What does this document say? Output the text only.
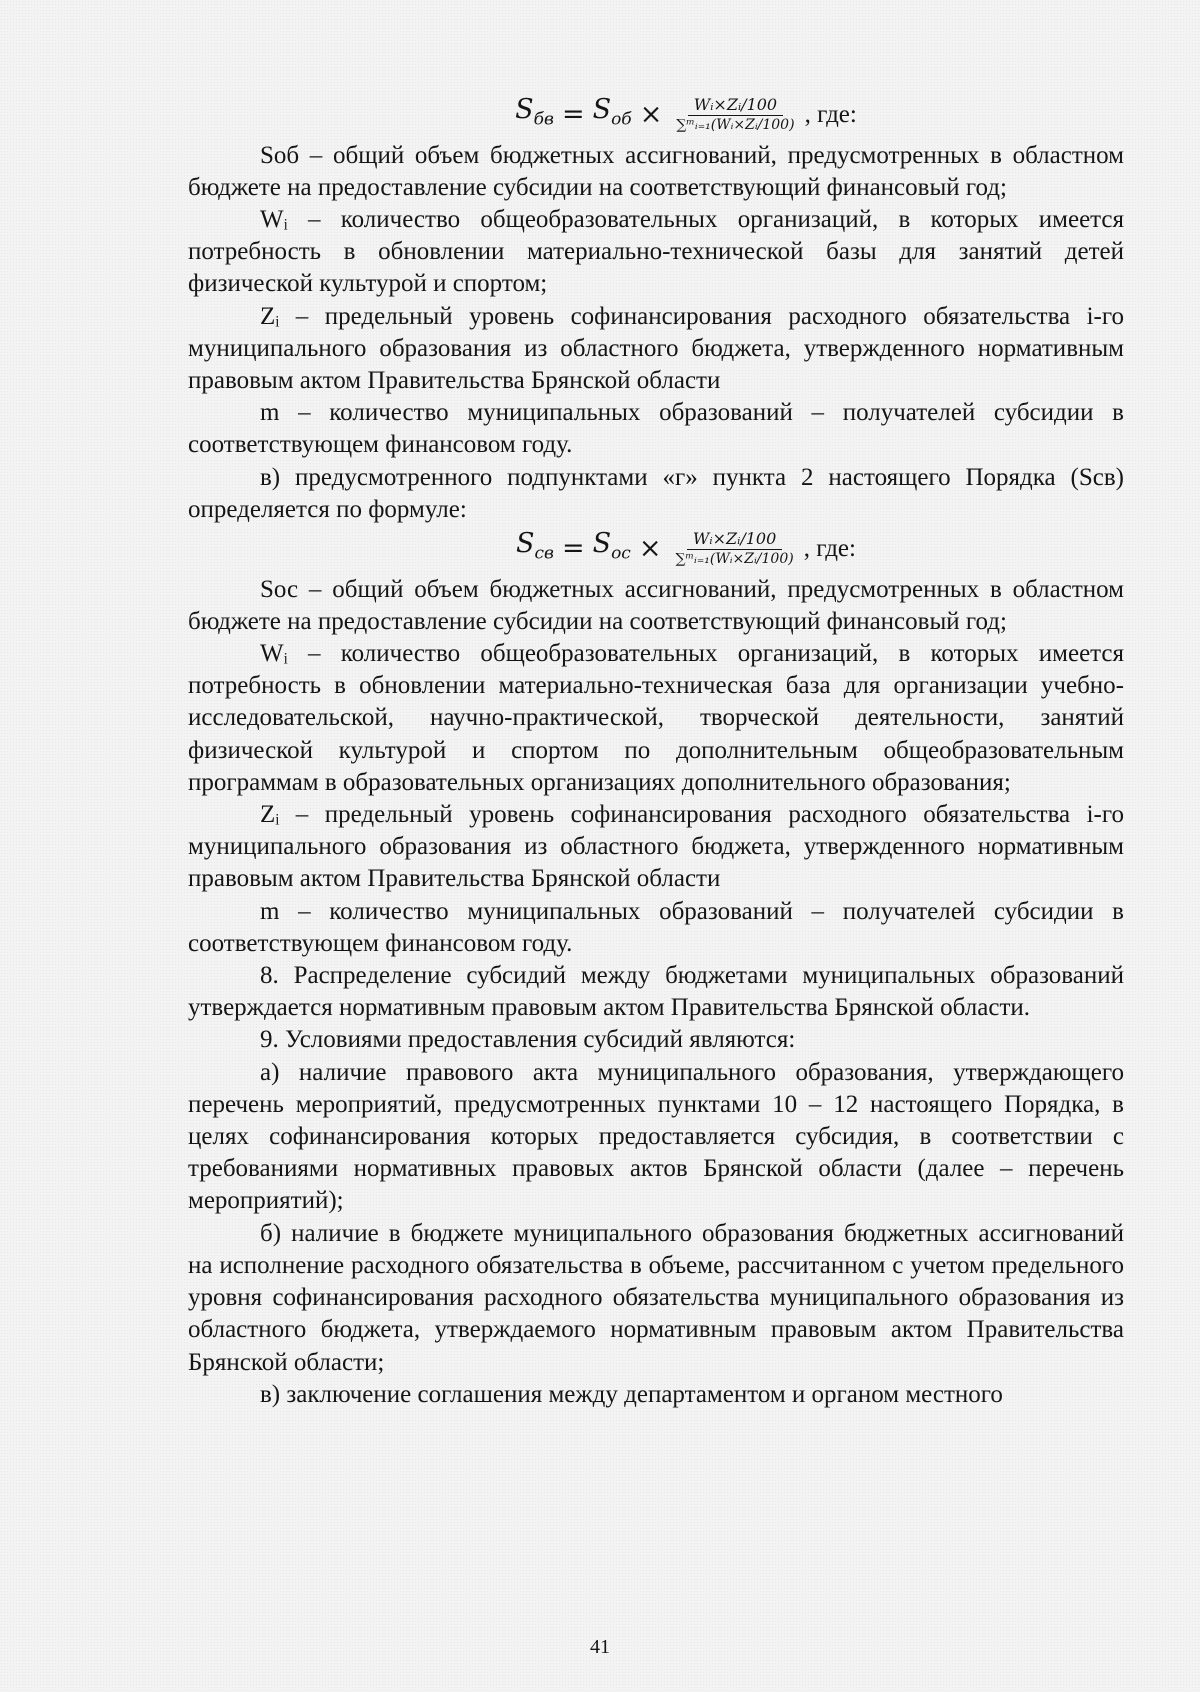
$S_{бв} = S_{об} \times \frac{\text{Wᵢ×Zᵢ/100}}{\text{∑ᵐᵢ₌₁(Wᵢ×Zᵢ/100)}}$ , где:

Sоб – общий объем бюджетных ассигнований, предусмотренных в областном бюджете на предоставление субсидии на соответствующий финансовый год;

Wᵢ – количество общеобразовательных организаций, в которых имеется потребность в обновлении материально-технической базы для занятий детей физической культурой и спортом;

Zᵢ – предельный уровень софинансирования расходного обязательства i-го муниципального образования из областного бюджета, утвержденного нормативным правовым актом Правительства Брянской области

m – количество муниципальных образований – получателей субсидии в соответствующем финансовом году.

в) предусмотренного подпунктами «г» пункта 2 настоящего Порядка (Sсв) определяется по формуле:

$S_{св} = S_{ос} \times \frac{\text{Wᵢ×Zᵢ/100}}{\text{∑ᵐᵢ₌₁(Wᵢ×Zᵢ/100)}}$ , где:

Sос – общий объем бюджетных ассигнований, предусмотренных в областном бюджете на предоставление субсидии на соответствующий финансовый год;

Wᵢ – количество общеобразовательных организаций, в которых имеется потребность в обновлении материально-техническая база для организации учебно-исследовательской, научно-практической, творческой деятельности, занятий физической культурой и спортом по дополнительным общеобразовательным программам в образовательных организациях дополнительного образования;

Zᵢ – предельный уровень софинансирования расходного обязательства i-го муниципального образования из областного бюджета, утвержденного нормативным правовым актом Правительства Брянской области

m – количество муниципальных образований – получателей субсидии в соответствующем финансовом году.

8. Распределение субсидий между бюджетами муниципальных образований утверждается нормативным правовым актом Правительства Брянской области.

9. Условиями предоставления субсидий являются:

а) наличие правового акта муниципального образования, утверждающего перечень мероприятий, предусмотренных пунктами 10 – 12 настоящего Порядка, в целях софинансирования которых предоставляется субсидия, в соответствии с требованиями нормативных правовых актов Брянской области (далее – перечень мероприятий);

б) наличие в бюджете муниципального образования бюджетных ассигнований на исполнение расходного обязательства в объеме, рассчитанном с учетом предельного уровня софинансирования расходного обязательства муниципального образования из областного бюджета, утверждаемого нормативным правовым актом Правительства Брянской области;

в) заключение соглашения между департаментом и органом местного

41
